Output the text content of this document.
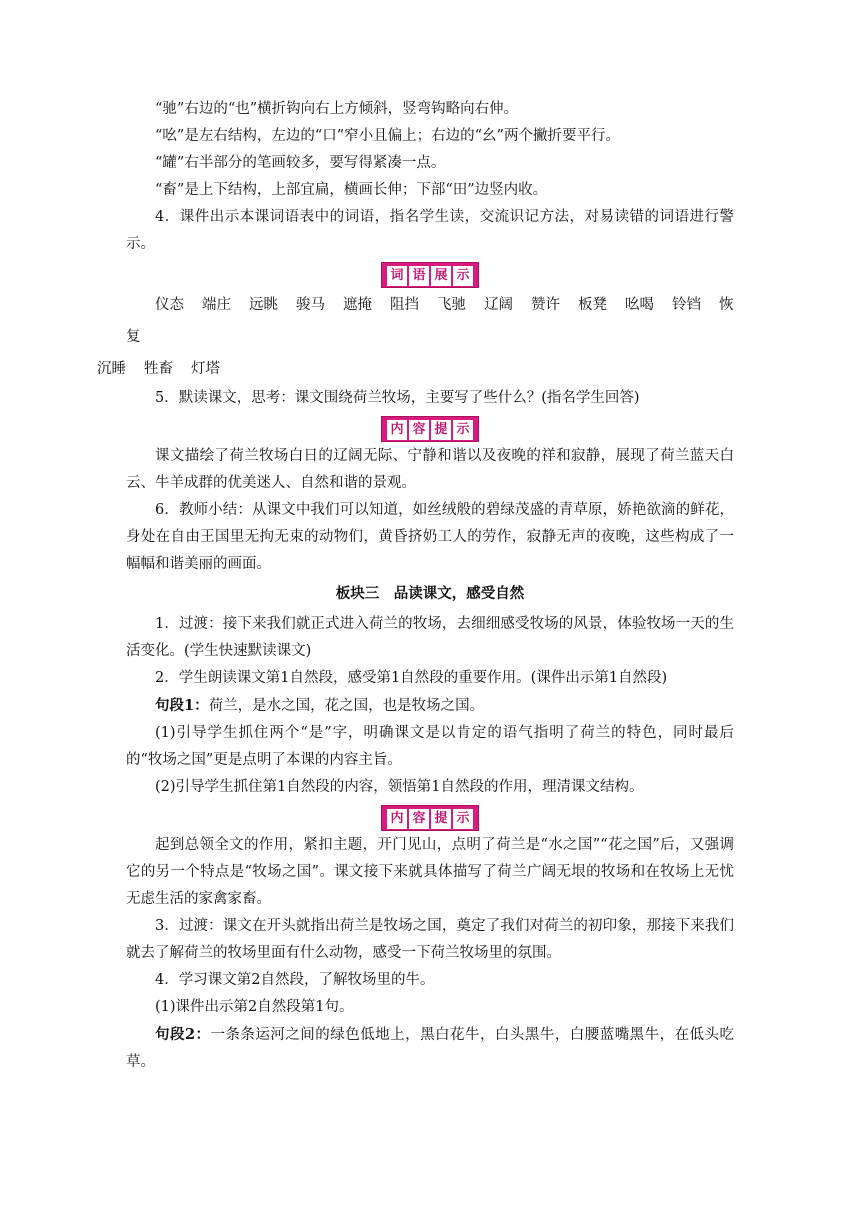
“驰”右边的“也”横折钩向右上方倾斜，竖弯钩略向右伸。

“吆”是左右结构，左边的“口”窄小且偏上；右边的“幺”两个撇折要平行。

“罐”右半部分的笔画较多，要写得紧凑一点。

“畜”是上下结构，上部宜扁，横画长伸；下部“田”边竖内收。

4．课件出示本课词语表中的词语，指名学生读，交流识记方法，对易读错的词语进行警示。

词 语 展 示

仪态 端庄 远眺 骏马 遮掩 阻挡 飞驰 辽阔 赞许 板凳 吆喝 铃铛 恢复
沉睡 牲畜 灯塔

5．默读课文，思考：课文围绕荷兰牧场，主要写了些什么？(指名学生回答)

内 容 提 示

课文描绘了荷兰牧场白日的辽阔无际、宁静和谐以及夜晚的祥和寂静，展现了荷兰蓝天白云、牛羊成群的优美迷人、自然和谐的景观。

6．教师小结：从课文中我们可以知道，如丝绒般的碧绿茂盛的青草原，娇艳欲滴的鲜花，身处在自由王国里无拘无束的动物们，黄昏挤奶工人的劳作，寂静无声的夜晚，这些构成了一幅幅和谐美丽的画面。

板块三　品读课文，感受自然

1．过渡：接下来我们就正式进入荷兰的牧场，去细细感受牧场的风景，体验牧场一天的生活变化。(学生快速默读课文)

2．学生朗读课文第1自然段，感受第1自然段的重要作用。(课件出示第1自然段)

句段1：荷兰，是水之国，花之国，也是牧场之国。

(1)引导学生抓住两个“是”字，明确课文是以肯定的语气指明了荷兰的特色，同时最后的“牧场之国”更是点明了本课的内容主旨。

(2)引导学生抓住第1自然段的内容，领悟第1自然段的作用，理清课文结构。

内 容 提 示

起到总领全文的作用，紧扣主题，开门见山，点明了荷兰是“水之国”“花之国”后，又强调它的另一个特点是“牧场之国”。课文接下来就具体描写了荷兰广阔无垠的牧场和在牧场上无忧无虑生活的家禽家畜。

3．过渡：课文在开头就指出荷兰是牧场之国，奠定了我们对荷兰的初印象，那接下来我们就去了解荷兰的牧场里面有什么动物，感受一下荷兰牧场里的氛围。

4．学习课文第2自然段，了解牧场里的牛。

(1)课件出示第2自然段第1句。

句段2：一条条运河之间的绿色低地上，黑白花牛，白头黑牛，白腰蓝嘴黑牛，在低头吃草。
